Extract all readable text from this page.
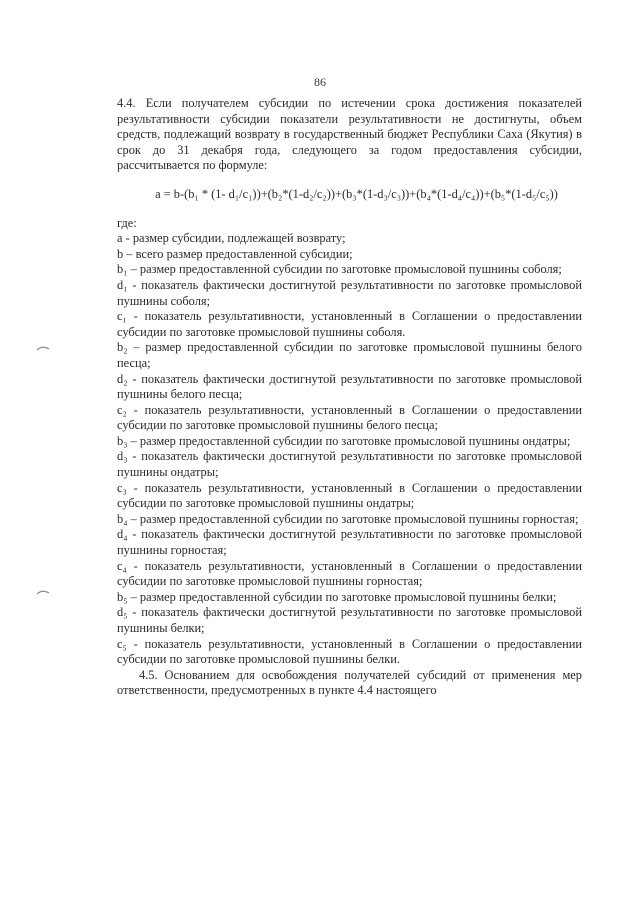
86

4.4. Если получателем субсидии по истечении срока достижения показателей результативности субсидии показатели результативности не достигнуты, объем средств, подлежащий возврату в государственный бюджет Республики Саха (Якутия) в срок до 31 декабря года, следующего за годом предоставления субсидии, рассчитывается по формуле:

a = b-(b₁ * (1- d₁/c₁))+(b₂*(1-d₂/c₂))+(b₃*(1-d₃/c₃))+(b₄*(1-d₄/c₄))+(b₅*(1-d₅/c₅))

где:

a - размер субсидии, подлежащей возврату;

b – всего размер предоставленной субсидии;

b₁ – размер предоставленной субсидии по заготовке промысловой пушнины соболя;

d₁ - показатель фактически достигнутой результативности по заготовке промысловой пушнины соболя;

c₁ - показатель результативности, установленный в Соглашении о предоставлении субсидии по заготовке промысловой пушнины соболя.

b₂ – размер предоставленной субсидии по заготовке промысловой пушнины белого песца;

d₂ - показатель фактически достигнутой результативности по заготовке промысловой пушнины белого песца;

c₂ - показатель результативности, установленный в Соглашении о предоставлении субсидии по заготовке промысловой пушнины белого песца;

b₃ – размер предоставленной субсидии по заготовке промысловой пушнины ондатры;

d₃ - показатель фактически достигнутой результативности по заготовке промысловой пушнины ондатры;

c₃ - показатель результативности, установленный в Соглашении о предоставлении субсидии по заготовке промысловой пушнины ондатры;

b₄ – размер предоставленной субсидии по заготовке промысловой пушнины горностая;

d₄ - показатель фактически достигнутой результативности по заготовке промысловой пушнины горностая;

c₄ - показатель результативности, установленный в Соглашении о предоставлении субсидии по заготовке промысловой пушнины горностая;

b₅ – размер предоставленной субсидии по заготовке промысловой пушнины белки;

d₅ - показатель фактически достигнутой результативности по заготовке промысловой пушнины белки;

c₅ - показатель результативности, установленный в Соглашении о предоставлении субсидии по заготовке промысловой пушнины белки.

4.5. Основанием для освобождения получателей субсидий от применения мер ответственности, предусмотренных в пункте 4.4 настоящего
